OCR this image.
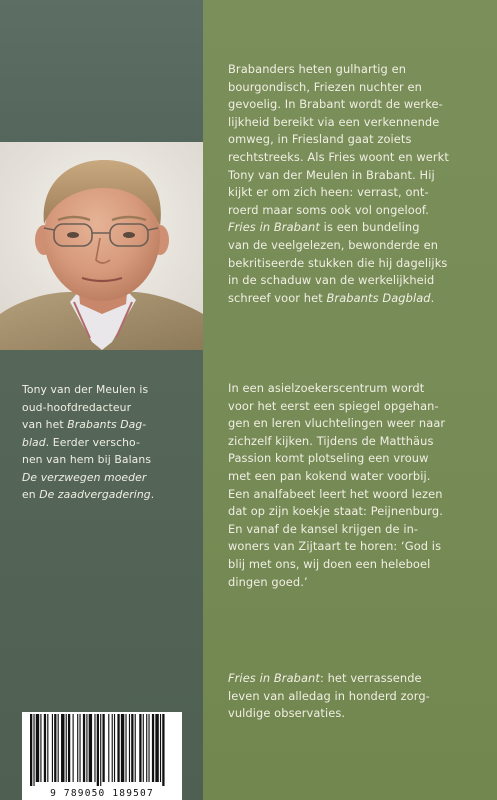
Brabanders heten gulhartig en
bourgondisch, Friezen nuchter en
gevoelig. In Brabant wordt de werke-
lijkheid bereikt via een verkennende
omweg, in Friesland gaat zoiets
rechtstreeks. Als Fries woont en werkt
Tony van der Meulen in Brabant. Hij
kijkt er om zich heen: verrast, ont-
roerd maar soms ook vol ongeloof.
Fries in Brabant is een bundeling
van de veelgelezen, bewonderde en
bekritiseerde stukken die hij dagelijks
in de schaduw van de werkelijkheid
schreef voor het Brabants Dagblad.

In een asielzoekerscentrum wordt
voor het eerst een spiegel opgehan-
gen en leren vluchtelingen weer naar
zichzelf kijken. Tijdens de Matthäus
Passion komt plotseling een vrouw
met een pan kokend water voorbij.
Een analfabeet leert het woord lezen
dat op zijn koekje staat: Peijnenburg.
En vanaf de kansel krijgen de in-
woners van Zijtaart te horen: ‘God is
blij met ons, wij doen een heleboel
dingen goed.’

Fries in Brabant: het verrassende
leven van alledag in honderd zorg-
vuldige observaties.

Tony van der Meulen is
oud-hoofdredacteur
van het Brabants Dag-
blad. Eerder verscho-
nen van hem bij Balans
De verzwegen moeder
en De zaadvergadering.

9 789050 189507
